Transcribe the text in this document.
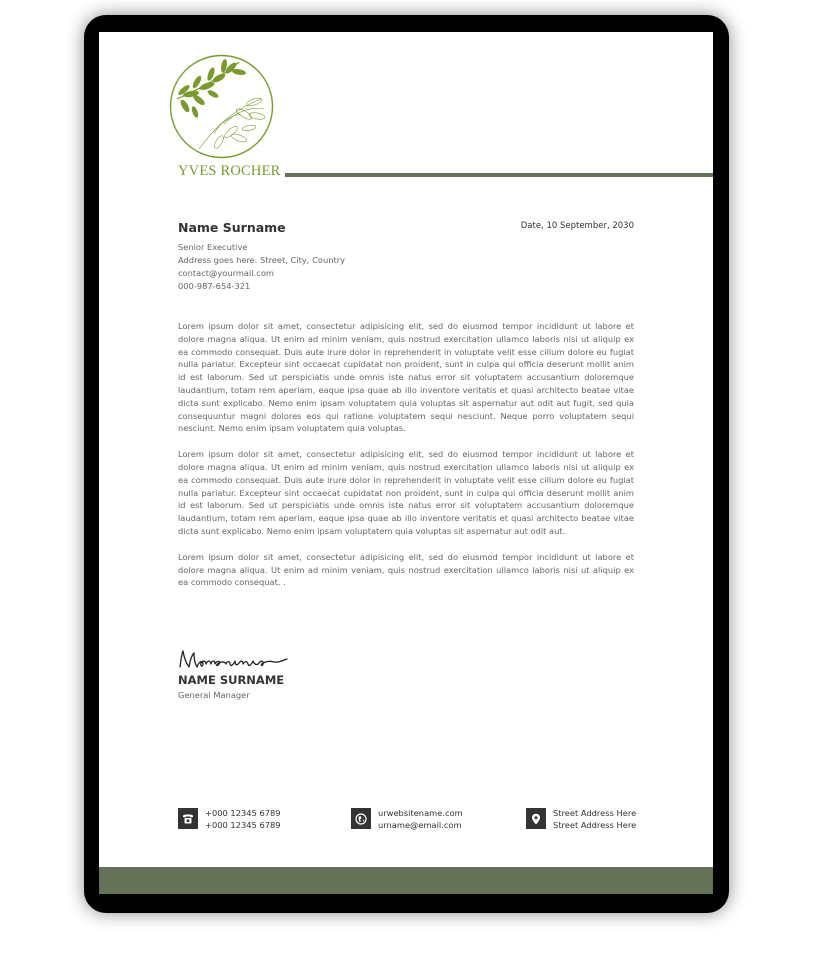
YVES ROCHER
Name Surname	Date, 10 September, 2030
Senior Executive
Address goes here. Street, City, Country
contact@yourmail.com
000-987-654-321

Lorem ipsum dolor sit amet, consectetur adipisicing elit, sed do eiusmod tempor incididunt ut labore et dolore magna aliqua. Ut enim ad minim veniam, quis nostrud exercitation ullamco laboris nisi ut aliquip ex ea commodo consequat. Duis aute irure dolor in reprehenderit in voluptate velit esse cillum dolore eu fugiat nulla pariatur. Excepteur sint occaecat cupidatat non proident, sunt in culpa qui officia deserunt mollit anim id est laborum. Sed ut perspiciatis unde omnis iste natus error sit voluptatem accusantium doloremque laudantium, totam rem aperiam, eaque ipsa quae ab illo inventore veritatis et quasi architecto beatae vitae dicta sunt explicabo. Nemo enim ipsam voluptatem quia voluptas sit aspernatur aut odit aut fugit, sed quia consequuntur magni dolores eos qui ratione voluptatem sequi nesciunt. Neque porro voluptatem sequi nesciunt. Nemo enim ipsam voluptatem quia voluptas.

Lorem ipsum dolor sit amet, consectetur adipisicing elit, sed do eiusmod tempor incididunt ut labore et dolore magna aliqua. Ut enim ad minim veniam, quis nostrud exercitation ullamco laboris nisi ut aliquip ex ea commodo consequat. Duis aute irure dolor in reprehenderit in voluptate velit esse cillum dolore eu fugiat nulla pariatur. Excepteur sint occaecat cupidatat non proident, sunt in culpa qui officia deserunt mollit anim id est laborum. Sed ut perspiciatis unde omnis iste natus error sit voluptatem accusantium doloremque laudantium, totam rem aperiam, eaque ipsa quae ab illo inventore veritatis et quasi architecto beatae vitae dicta sunt explicabo. Nemo enim ipsam voluptatem quia voluptas sit aspernatur aut odit aut.

Lorem ipsum dolor sit amet, consectetur adipisicing elit, sed do eiusmod tempor incididunt ut labore et dolore magna aliqua. Ut enim ad minim veniam, quis nostrud exercitation ullamco laboris nisi ut aliquip ex ea commodo consequat. .

NAME SURNAME
General Manager
+000 12345 6789
+000 12345 6789
urwebsitename.com
urname@email.com
Street Address Here
Street Address Here
